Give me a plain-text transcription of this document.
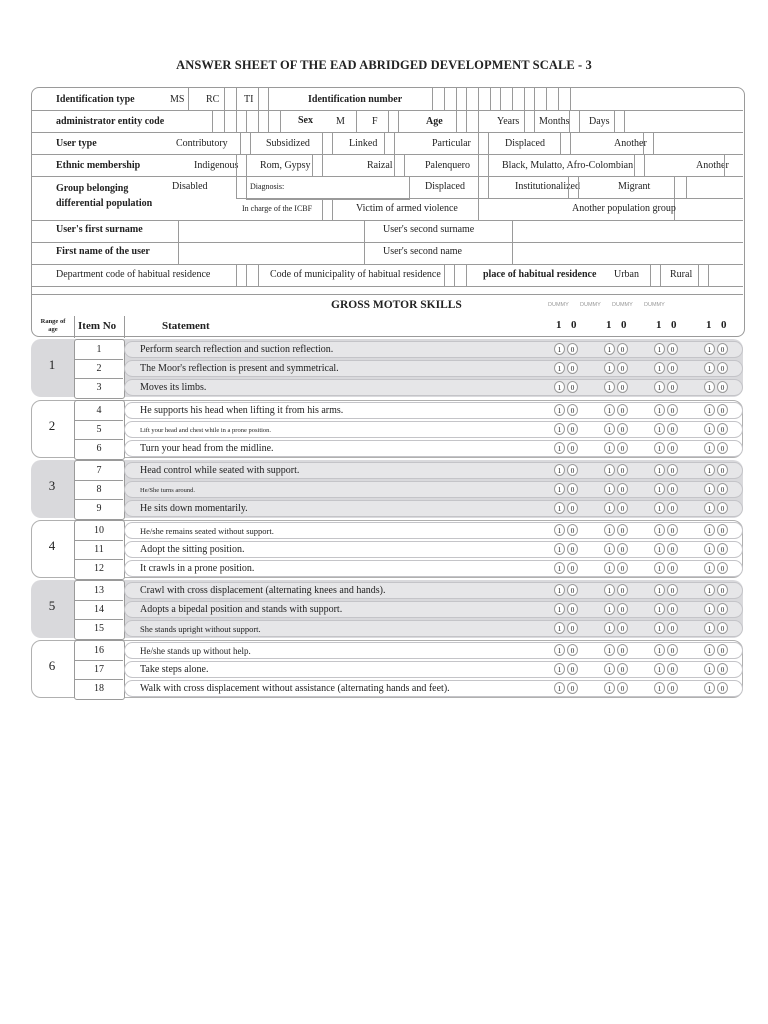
ANSWER SHEET OF THE EAD ABRIDGED DEVELOPMENT SCALE - 3
Identification type	MS RC TI	Identification number
administrator entity code	Sex M	F	Age	Years Months Days
User type	Contributory	Subsidized	Linked	Particular	Displaced	Another
Ethnic membership	Indigenous Rom, Gypsy	Raizal	Palenquero	Black, Mulatto, Afro-Colombian	Another
Group belonging
differential population
Disabled	Diagnosis:	Displaced	Institutionalized	Migrant
In charge of the ICBF	Victim of armed violence	Another population group
User's first surname	User's second surname
First name of the user	User's second name
Department code of habitual residence	Code of municipality of habitual residence	place of habitual residence Urban	Rural
GROSS MOTOR SKILLS	DUMMY DUMMY DUMMY DUMMY
Range of age	Item No	Statement	1 0	1 0	1 0	1 0
1
1	Perform search reflection and suction reflection.	1	0	1	0	1	0	1	0
2	The Moor's reflection is present and symmetrical.	1	0	1	0	1	0	1	0
3	Moves its limbs.	1	0	1	0	1	0	1	0
2
4	He supports his head when lifting it from his arms.	1	0	1	0	1	0	1	0
5	Lift your head and chest while in a prone position.	1	0	1	0	1	0	1	0
6	Turn your head from the midline.	1	0	1	0	1	0	1	0
3
7	Head control while seated with support.	1	0	1	0	1	0	1	0
8	He/She turns around.	1	0	1	0	1	0	1	0
9	He sits down momentarily.	1	0	1	0	1	0	1	0
4
10	He/she remains seated without support.	1	0	1	0	1	0	1	0
11	Adopt the sitting position.	1	0	1	0	1	0	1	0
12	It crawls in a prone position.	1	0	1	0	1	0	1	0
5
13	Crawl with cross displacement (alternating knees and hands).	1	0	1	0	1	0	1	0
14	Adopts a bipedal position and stands with support.	1	0	1	0	1	0	1	0
15	She stands upright without support.	1	0	1	0	1	0	1	0
6
16	He/she stands up without help.	1	0	1	0	1	0	1	0
17	Take steps alone.	1	0	1	0	1	0	1	0
18	Walk with cross displacement without assistance (alternating hands and feet).	1	0	1	0	1	0	1	0
